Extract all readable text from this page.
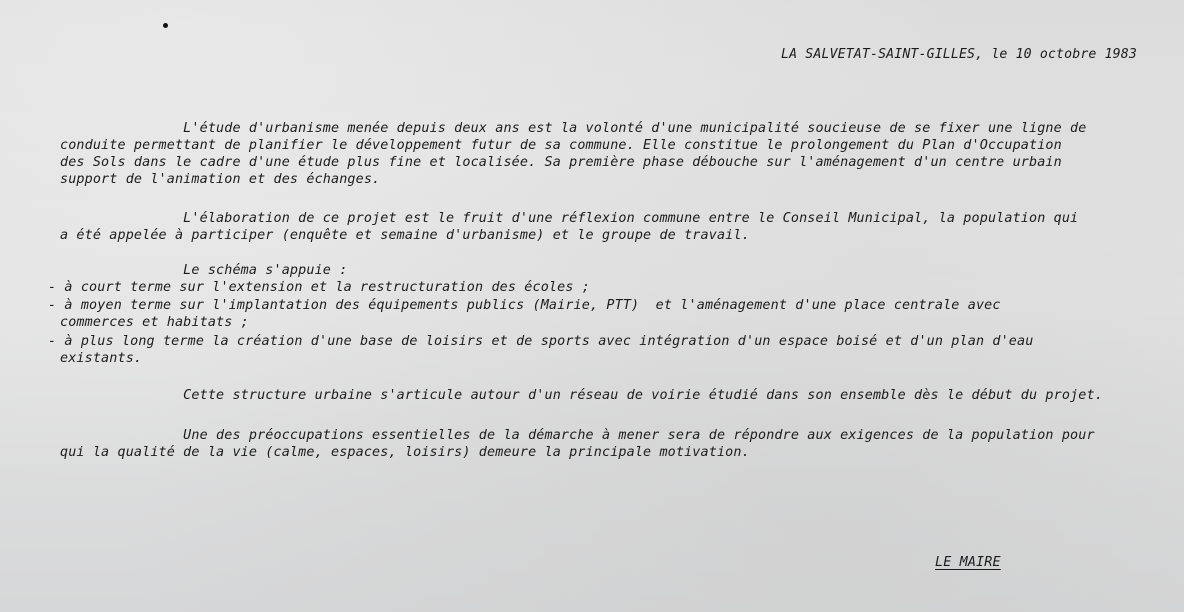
LA SALVETAT-SAINT-GILLES, le 10 octobre 1983
L'étude d'urbanisme menée depuis deux ans est la volonté d'une municipalité soucieuse de se fixer une ligne de
conduite permettant de planifier le développement futur de sa commune. Elle constitue le prolongement du Plan d'Occupation
des Sols dans le cadre d'une étude plus fine et localisée. Sa première phase débouche sur l'aménagement d'un centre urbain
support de l'animation et des échanges.
L'élaboration de ce projet est le fruit d'une réflexion commune entre le Conseil Municipal, la population qui
a été appelée à participer (enquête et semaine d'urbanisme) et le groupe de travail.
Le schéma s'appuie :
- à court terme sur l'extension et la restructuration des écoles ;
- à moyen terme sur l'implantation des équipements publics (Mairie, PTT)  et l'aménagement d'une place centrale avec
commerces et habitats ;
- à plus long terme la création d'une base de loisirs et de sports avec intégration d'un espace boisé et d'un plan d'eau
existants.
Cette structure urbaine s'articule autour d'un réseau de voirie étudié dans son ensemble dès le début du projet.
Une des préoccupations essentielles de la démarche à mener sera de répondre aux exigences de la population pour
qui la qualité de la vie (calme, espaces, loisirs) demeure la principale motivation.
LE MAIRE
